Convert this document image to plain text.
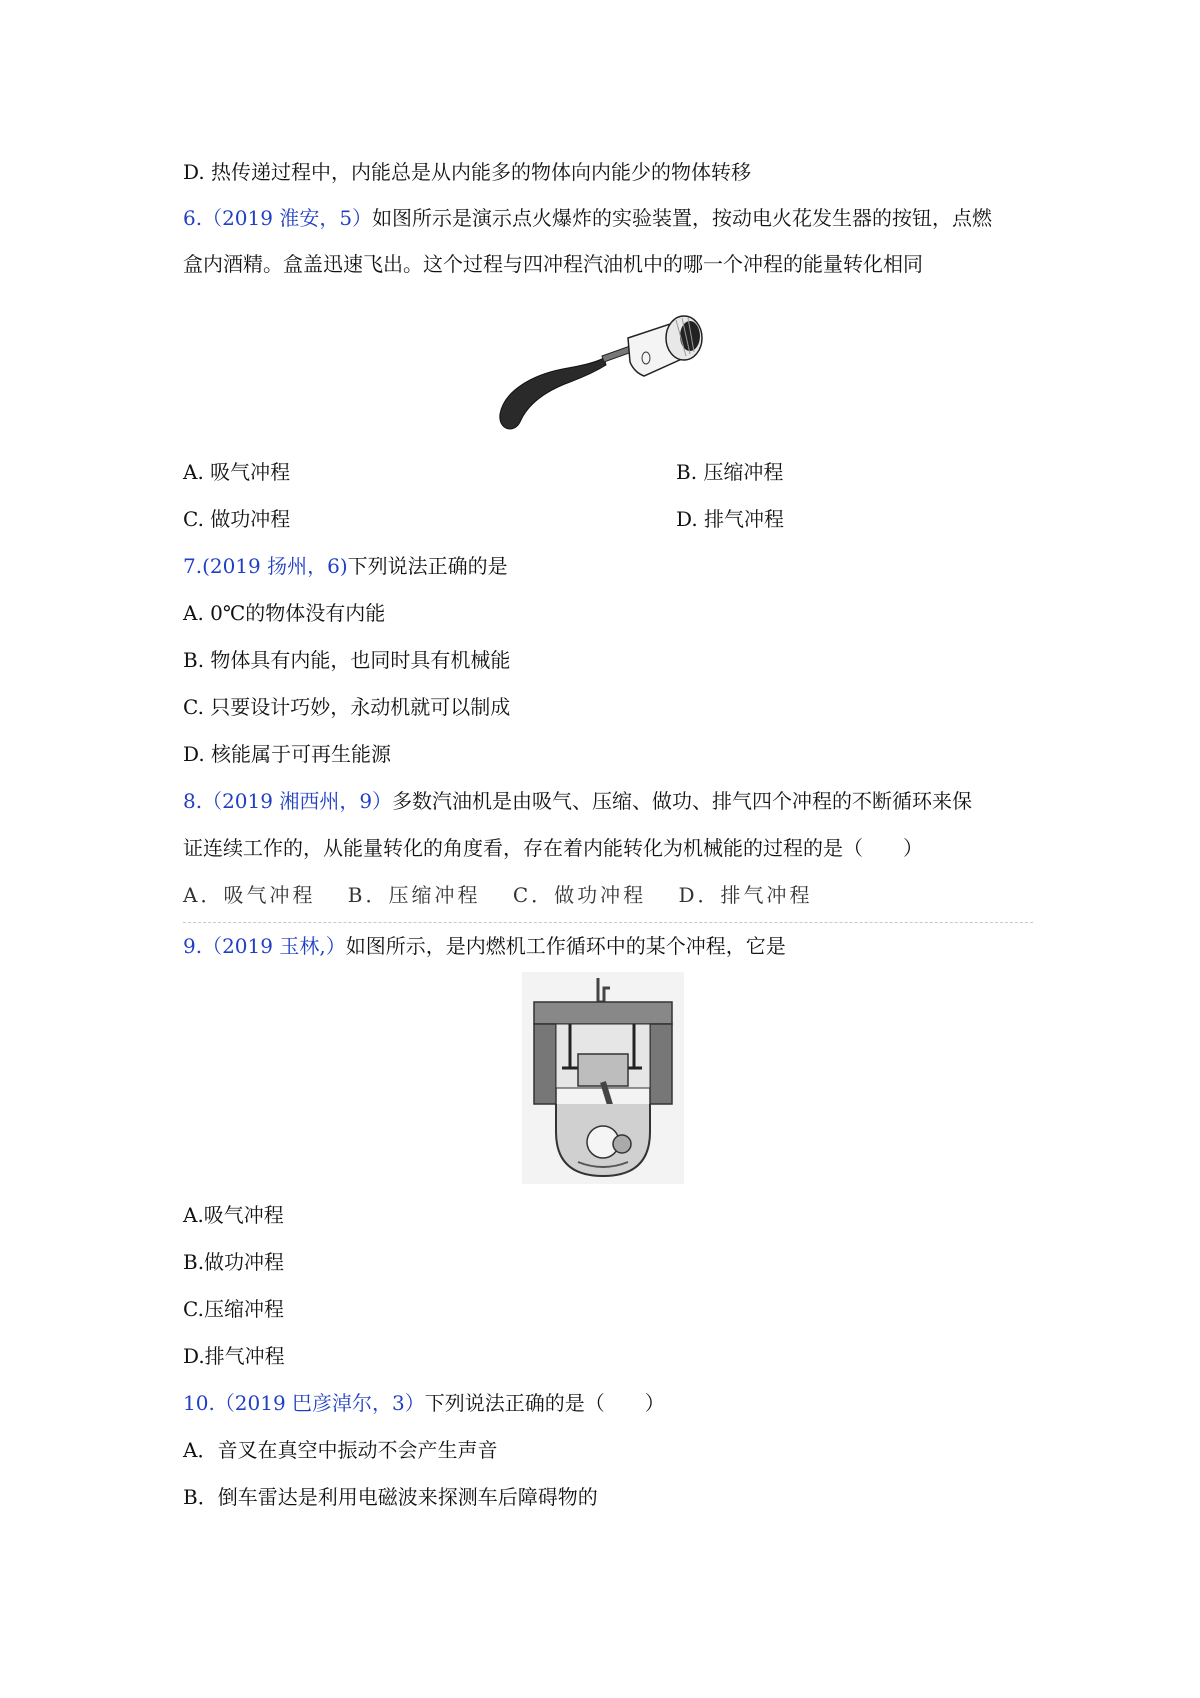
D. 热传递过程中，内能总是从内能多的物体向内能少的物体转移
6.（2019 淮安，5）如图所示是演示点火爆炸的实验装置，按动电火花发生器的按钮，点燃
盒内酒精。盒盖迅速飞出。这个过程与四冲程汽油机中的哪一个冲程的能量转化相同
A. 吸气冲程	B. 压缩冲程
C. 做功冲程	D. 排气冲程
7.(2019 扬州，6)下列说法正确的是
A. 0℃的物体没有内能
B. 物体具有内能，也同时具有机械能
C. 只要设计巧妙，永动机就可以制成
D. 核能属于可再生能源
8.（2019 湘西州，9）多数汽油机是由吸气、压缩、做功、排气四个冲程的不断循环来保
证连续工作的，从能量转化的角度看，存在着内能转化为机械能的过程的是（　　）
A．吸气冲程　 B．压缩冲程　 C．做功冲程　 D．排气冲程
9.（2019 玉林,）如图所示，是内燃机工作循环中的某个冲程，它是
A.吸气冲程
B.做功冲程
C.压缩冲程
D.排气冲程
10.（2019 巴彦淖尔，3）下列说法正确的是（　　）
A．音叉在真空中振动不会产生声音
B．倒车雷达是利用电磁波来探测车后障碍物的
